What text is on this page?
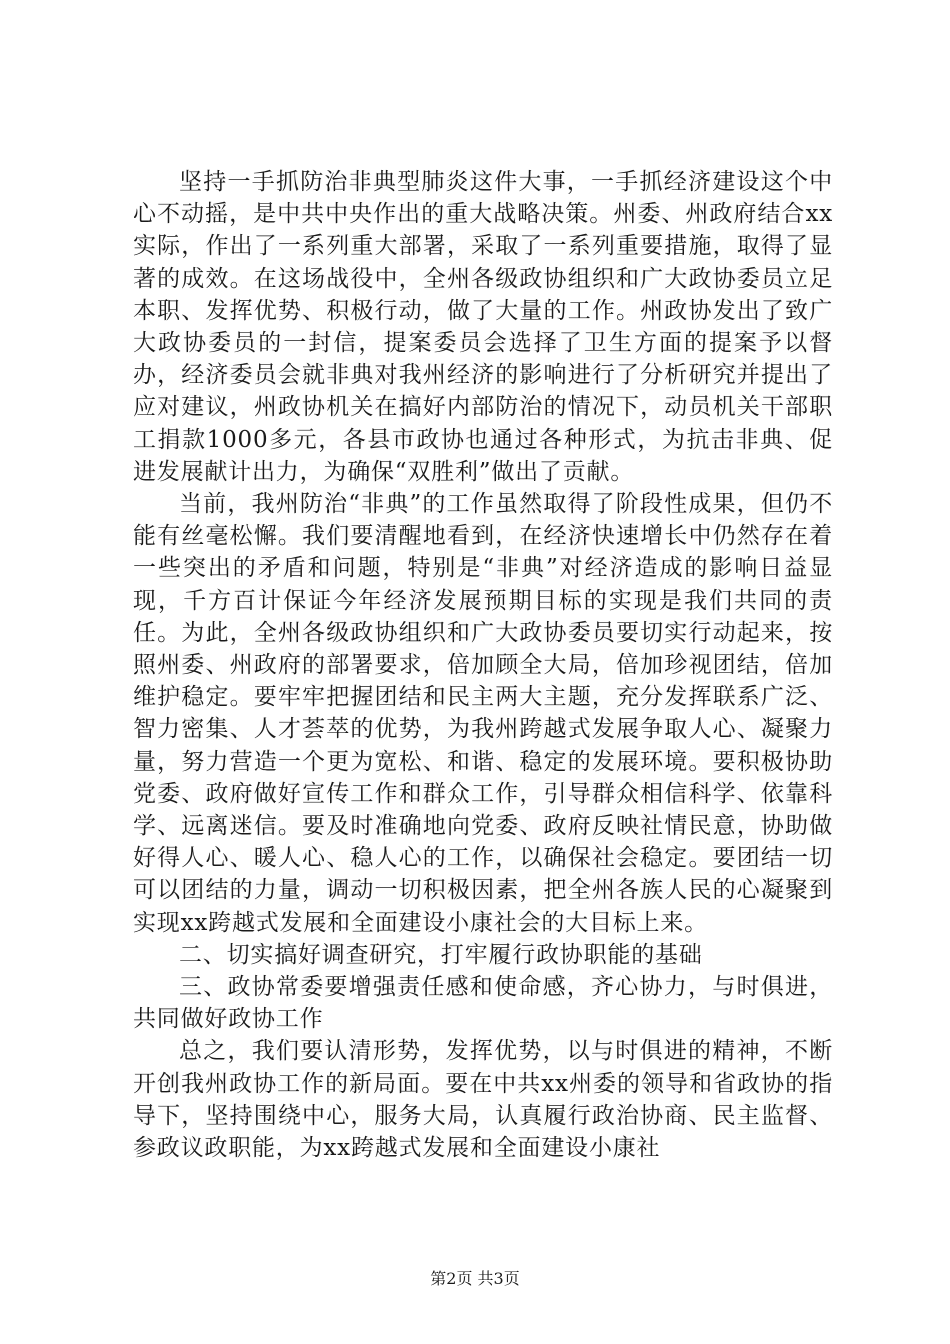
坚持一手抓防治非典型肺炎这件大事，一手抓经济建设这个中心不动摇，是中共中央作出的重大战略决策。州委、州政府结合xx实际，作出了一系列重大部署，采取了一系列重要措施，取得了显著的成效。在这场战役中，全州各级政协组织和广大政协委员立足本职、发挥优势、积极行动，做了大量的工作。州政协发出了致广大政协委员的一封信，提案委员会选择了卫生方面的提案予以督办，经济委员会就非典对我州经济的影响进行了分析研究并提出了应对建议，州政协机关在搞好内部防治的情况下，动员机关干部职工捐款1000多元，各县市政协也通过各种形式，为抗击非典、促进发展献计出力，为确保“双胜利”做出了贡献。

当前，我州防治“非典”的工作虽然取得了阶段性成果，但仍不能有丝毫松懈。我们要清醒地看到，在经济快速增长中仍然存在着一些突出的矛盾和问题，特别是“非典”对经济造成的影响日益显现，千方百计保证今年经济发展预期目标的实现是我们共同的责任。为此，全州各级政协组织和广大政协委员要切实行动起来，按照州委、州政府的部署要求，倍加顾全大局，倍加珍视团结，倍加维护稳定。要牢牢把握团结和民主两大主题，充分发挥联系广泛、智力密集、人才荟萃的优势，为我州跨越式发展争取人心、凝聚力量，努力营造一个更为宽松、和谐、稳定的发展环境。要积极协助党委、政府做好宣传工作和群众工作，引导群众相信科学、依靠科学、远离迷信。要及时准确地向党委、政府反映社情民意，协助做好得人心、暖人心、稳人心的工作，以确保社会稳定。要团结一切可以团结的力量，调动一切积极因素，把全州各族人民的心凝聚到实现xx跨越式发展和全面建设小康社会的大目标上来。

二、切实搞好调查研究，打牢履行政协职能的基础

三、政协常委要增强责任感和使命感，齐心协力，与时俱进，共同做好政协工作

总之，我们要认清形势，发挥优势，以与时俱进的精神，不断开创我州政协工作的新局面。要在中共xx州委的领导和省政协的指导下，坚持围绕中心，服务大局，认真履行政治协商、民主监督、参政议政职能，为xx跨越式发展和全面建设小康社

第2页 共3页
